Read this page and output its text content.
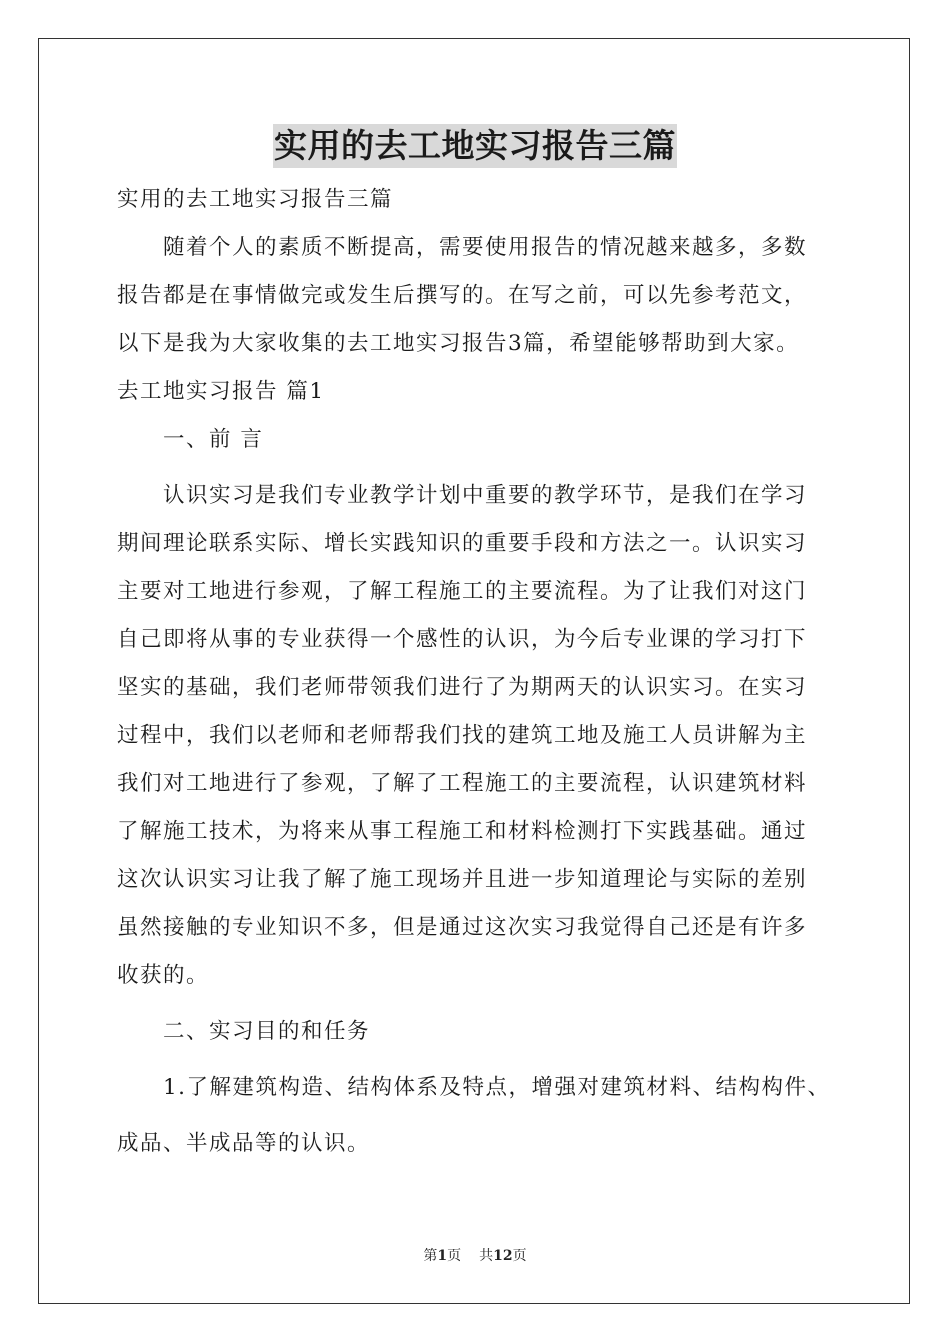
实用的去工地实习报告三篇
实用的去工地实习报告三篇
随着个人的素质不断提高，需要使用报告的情况越来越多，多数
报告都是在事情做完或发生后撰写的。在写之前，可以先参考范文，
以下是我为大家收集的去工地实习报告3篇，希望能够帮助到大家。
去工地实习报告 篇1
一、前 言
认识实习是我们专业教学计划中重要的教学环节，是我们在学习
期间理论联系实际、增长实践知识的重要手段和方法之一。认识实习
主要对工地进行参观，了解工程施工的主要流程。为了让我们对这门
自己即将从事的专业获得一个感性的认识，为今后专业课的学习打下
坚实的基础，我们老师带领我们进行了为期两天的认识实习。在实习
过程中，我们以老师和老师帮我们找的建筑工地及施工人员讲解为主
我们对工地进行了参观，了解了工程施工的主要流程，认识建筑材料
了解施工技术，为将来从事工程施工和材料检测打下实践基础。通过
这次认识实习让我了解了施工现场并且进一步知道理论与实际的差别
虽然接触的专业知识不多，但是通过这次实习我觉得自己还是有许多
收获的。
二、实习目的和任务
1.了解建筑构造、结构体系及特点，增强对建筑材料、结构构件、
成品、半成品等的认识。
第1页 共12页
